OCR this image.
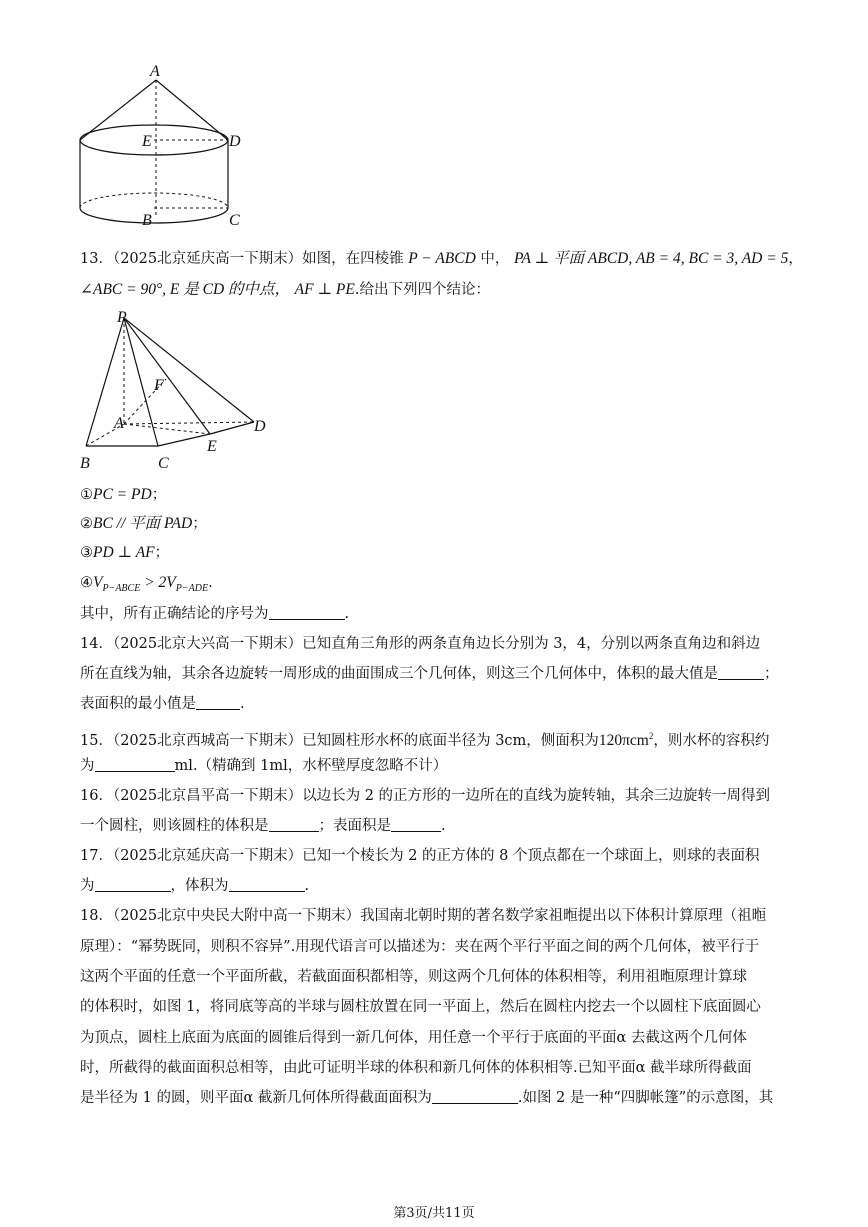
A
E	D
B	C
13．（2025北京延庆高一下期末）如图，在四棱锥 P − ABCD 中， PA ⊥ 平面 ABCD, AB = 4, BC = 3, AD = 5，
∠ABC = 90°, E 是 CD 的中点， AF ⊥ PE.给出下列四个结论：
P
F
A	D
E
B	C
①PC = PD；
②BC // 平面 PAD；
③PD ⊥ AF；
$④V_{P-ABCE} > 2V_{P-ADE}$.
其中，所有正确结论的序号为	.
14．（2025北京大兴高一下期末）已知直角三角形的两条直角边长分别为 3，4，分别以两条直角边和斜边
所在直线为轴，其余各边旋转一周形成的曲面围成三个几何体，则这三个几何体中，体积的最大值是	；
表面积的最小值是	.
15．（2025北京西城高一下期末）已知圆柱形水杯的底面半径为 3cm，侧面积为120πcm$^2$，则水杯的容积约
为	ml.（精确到 1ml，水杯壁厚度忽略不计）
16．（2025北京昌平高一下期末）以边长为 2 的正方形的一边所在的直线为旋转轴，其余三边旋转一周得到
一个圆柱，则该圆柱的体积是	；表面积是	.
17．（2025北京延庆高一下期末）已知一个棱长为 2 的正方体的 8 个顶点都在一个球面上，则球的表面积
为	，体积为	.
18．（2025北京中央民大附中高一下期末）我国南北朝时期的著名数学家祖暅提出以下体积计算原理（祖暅
原理）：“幂势既同，则积不容异”.用现代语言可以描述为：夹在两个平行平面之间的两个几何体，被平行于
这两个平面的任意一个平面所截，若截面面积都相等，则这两个几何体的体积相等，利用祖暅原理计算球
的体积时，如图 1，将同底等高的半球与圆柱放置在同一平面上，然后在圆柱内挖去一个以圆柱下底面圆心
为顶点，圆柱上底面为底面的圆锥后得到一新几何体，用任意一个平行于底面的平面α 去截这两个几何体
时，所截得的截面面积总相等，由此可证明半球的体积和新几何体的体积相等.已知平面α 截半球所得截面
是半径为 1 的圆，则平面α 截新几何体所得截面面积为	.如图 2 是一种“四脚帐篷”的示意图，其
第3页/共11页
